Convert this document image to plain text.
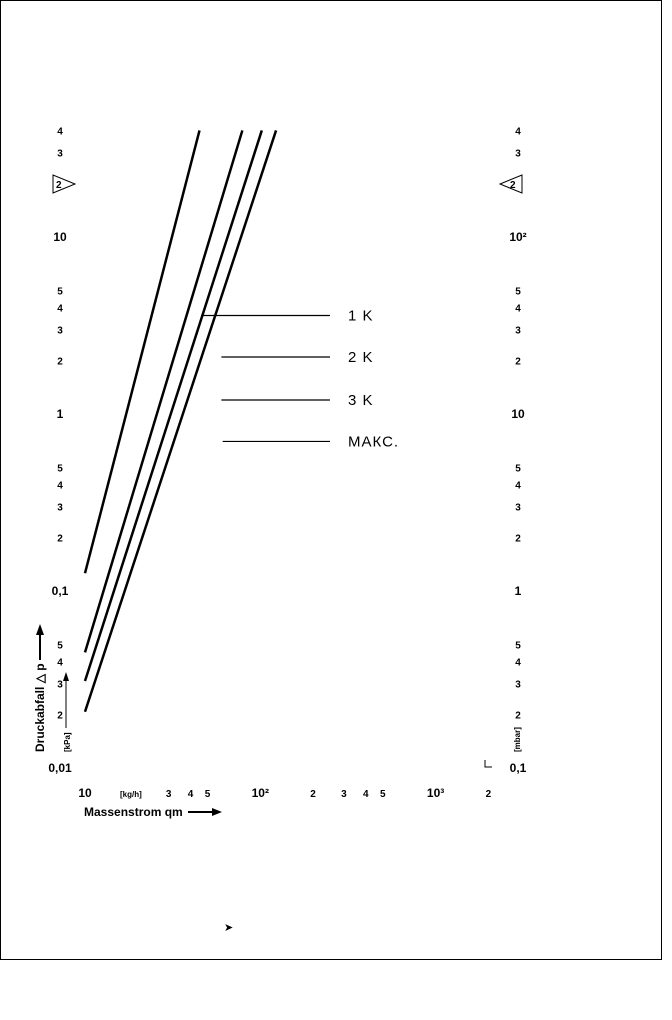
10	3 4 5	10²	2	3 4 5	10³	2
0,01
2
3
4
5
0,1
2
3
4
5
1
2
3
4
5
10
3
4
0,1
2
3
4
5
1
2
3
4
5
10
2
3
4
5
10²
3
4
1 K
2 K
3 K
МАКС.
2	2
Massenstrom qm
[kg/h]
Druckabfall △ p [kPa]	[mbar]
➤
